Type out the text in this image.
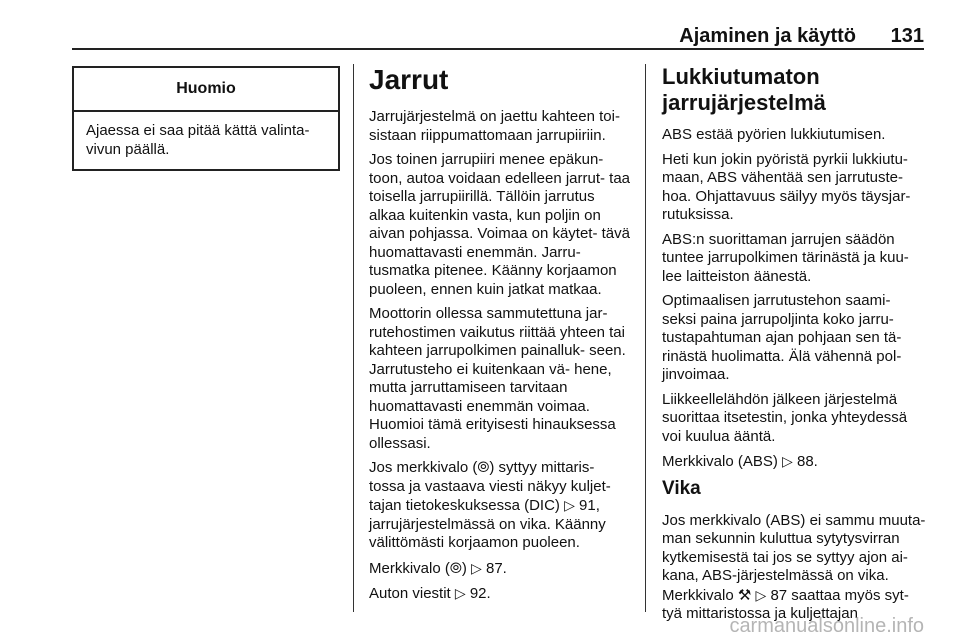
Ajaminen ja käyttö 131
Huomio
Ajaessa ei saa pitää kättä valinta- vivun päällä.
Jarrut

Jarrujärjestelmä on jaettu kahteen toi- sistaan riippumattomaan jarrupiiriin.

Jos toinen jarrupiiri menee epäkun- toon, autoa voidaan edelleen jarrut- taa toisella jarrupiirillä. Tällöin jarrutus alkaa kuitenkin vasta, kun poljin on aivan pohjassa. Voimaa on käytet- tävä huomattavasti enemmän. Jarru- tusmatka pitenee. Käänny korjaamon puoleen, ennen kuin jatkat matkaa.

Moottorin ollessa sammutettuna jar- rutehostimen vaikutus riittää yhteen tai kahteen jarrupolkimen painalluk- seen. Jarrutusteho ei kuitenkaan vä- hene, mutta jarruttamiseen tarvitaan huomattavasti enemmän voimaa. Huomioi tämä erityisesti hinauksessa ollessasi.

Jos merkkivalo (⦾) syttyy mittaris- tossa ja vastaava viesti näkyy kuljet- tajan tietokeskuksessa (DIC) ▷ 91, jarrujärjestelmässä on vika. Käänny välittömästi korjaamon puoleen.

Merkkivalo (⦾) ▷ 87.

Auton viestit ▷ 92.

Lukkiutumaton jarrujärjestelmä

ABS estää pyörien lukkiutumisen.

Heti kun jokin pyöristä pyrkii lukkiutu- maan, ABS vähentää sen jarrutuste- hoa. Ohjattavuus säilyy myös täysjar- rutuksissa.

ABS:n suorittaman jarrujen säädön tuntee jarrupolkimen tärinästä ja kuu- lee laitteiston äänestä.

Optimaalisen jarrutustehon saami- seksi paina jarrupoljinta koko jarru- tustapahtuman ajan pohjaan sen tä- rinästä huolimatta. Älä vähennä pol- jinvoimaa.

Liikkeellelähdön jälkeen järjestelmä suorittaa itsetestin, jonka yhteydessä voi kuulua ääntä.

Merkkivalo (ABS) ▷ 88.

Vika

Jos merkkivalo (ABS) ei sammu muuta- man sekunnin kuluttua sytytysvirran kytkemisestä tai jos se syttyy ajon ai- kana, ABS-järjestelmässä on vika. Merkkivalo ⚒ ▷ 87 saattaa myös syt- tyä mittaristossa ja kuljettajan

carmanualsonline.info
